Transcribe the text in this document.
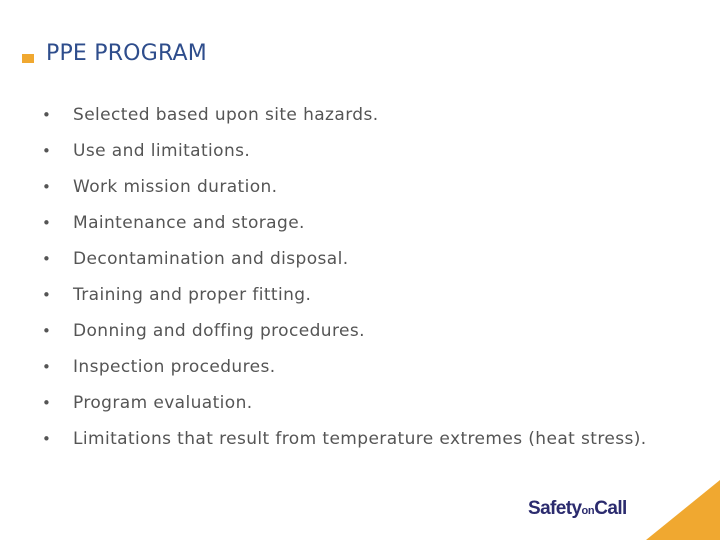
PPE PROGRAM
• Selected based upon site hazards.
• Use and limitations.
• Work mission duration.
• Maintenance and storage.
• Decontamination and disposal.
• Training and proper fitting.
• Donning and doffing procedures.
• Inspection procedures.
• Program evaluation.
• Limitations that result from temperature extremes (heat stress).
SafetyonCall
